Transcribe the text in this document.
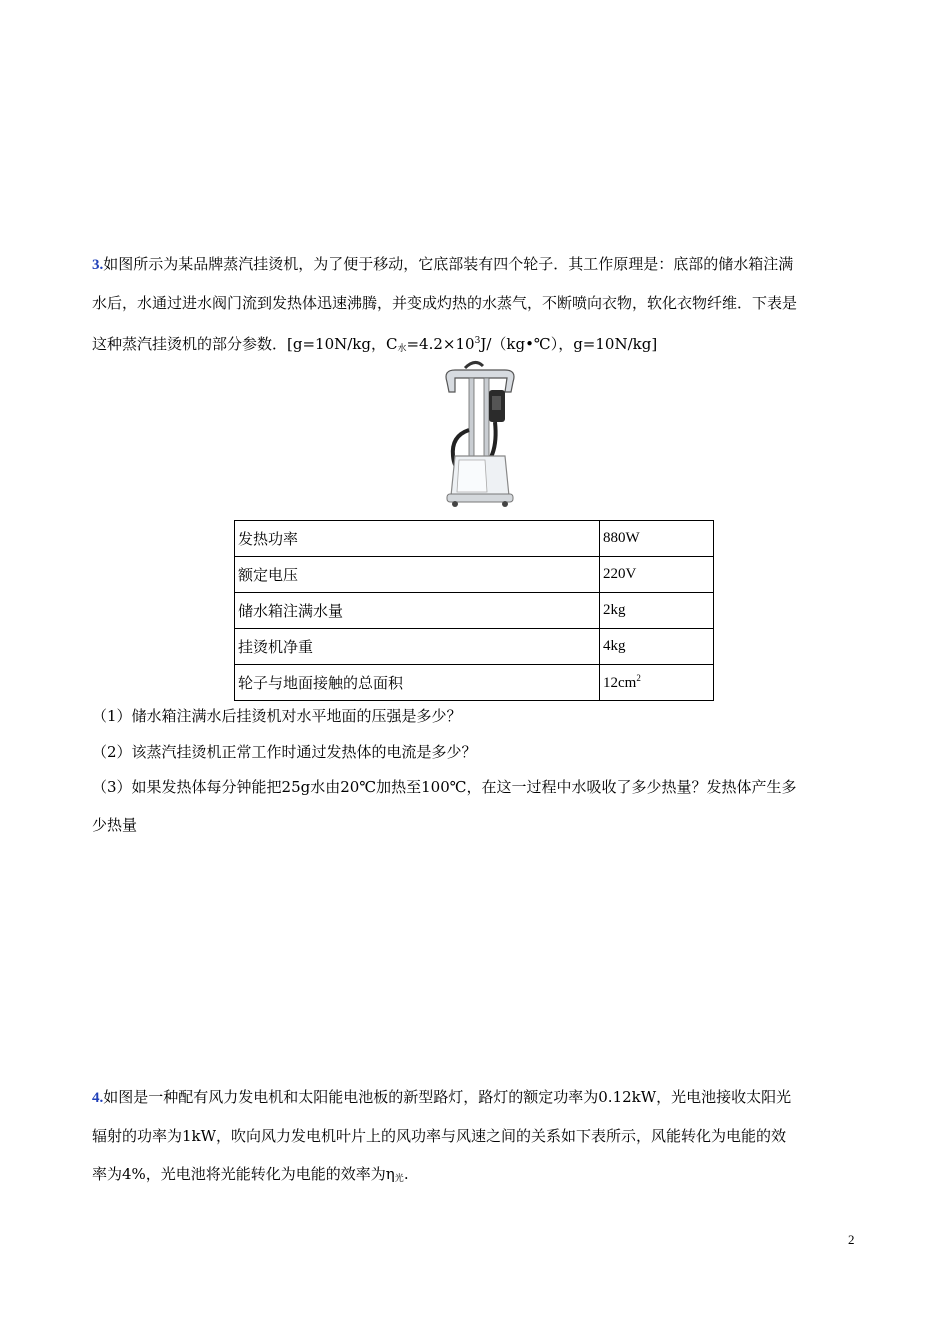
3.如图所示为某品牌蒸汽挂烫机，为了便于移动，它底部装有四个轮子．其工作原理是：底部的储水箱注满
水后，水通过进水阀门流到发热体迅速沸腾，并变成灼热的水蒸气，不断喷向衣物，软化衣物纤维．下表是
这种蒸汽挂烫机的部分参数．[g=10N/kg，$C_水=4.2\times 10^3J/(kg•℃)$，g=10N/kg]
发热功率	880W
额定电压	220V
储水箱注满水量	2kg
挂烫机净重	4kg
轮子与地面接触的总面积	$12cm^2$
（1）储水箱注满水后挂烫机对水平地面的压强是多少？
（2）该蒸汽挂烫机正常工作时通过发热体的电流是多少？
（3）如果发热体每分钟能把25g水由20℃加热至100℃，在这一过程中水吸收了多少热量？发热体产生多
少热量
4.如图是一种配有风力发电机和太阳能电池板的新型路灯，路灯的额定功率为0.12kW，光电池接收太阳光
辐射的功率为1kW，吹向风力发电机叶片上的风功率与风速之间的关系如下表所示，风能转化为电能的效
率为4%，光电池将光能转化为电能的效率为$\eta_光$.
2
